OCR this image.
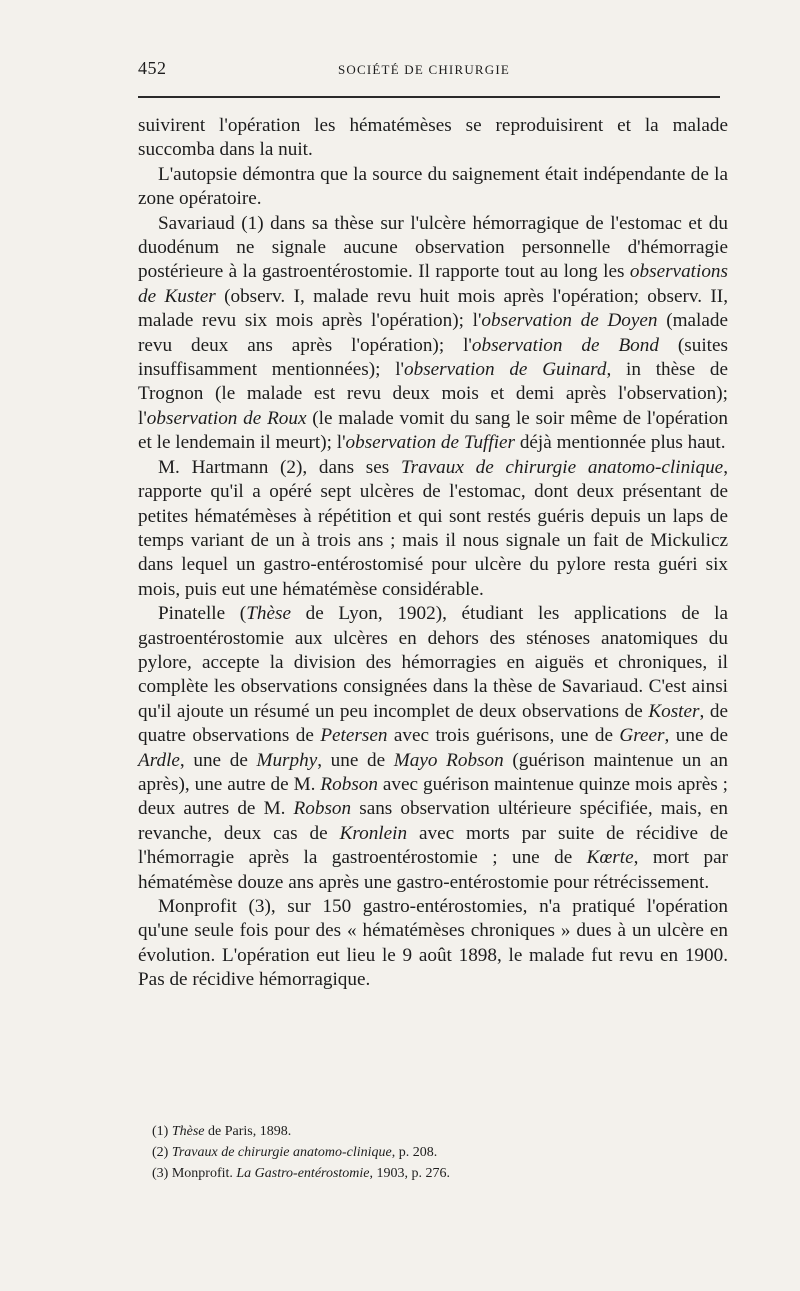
452	SOCIÉTÉ DE CHIRURGIE

suivirent l'opération les hématémèses se reproduisirent et la malade succomba dans la nuit.

L'autopsie démontra que la source du saignement était indépendante de la zone opératoire.

Savariaud (1) dans sa thèse sur l'ulcère hémorragique de l'estomac et du duodénum ne signale aucune observation personnelle d'hémorragie postérieure à la gastroentérostomie. Il rapporte tout au long les observations de Kuster (observ. I, malade revu huit mois après l'opération; observ. II, malade revu six mois après l'opération); l'observation de Doyen (malade revu deux ans après l'opération); l'observation de Bond (suites insuffisamment mentionnées); l'observation de Guinard, in thèse de Trognon (le malade est revu deux mois et demi après l'observation); l'observation de Roux (le malade vomit du sang le soir même de l'opération et le lendemain il meurt); l'observation de Tuffier déjà mentionnée plus haut.

M. Hartmann (2), dans ses Travaux de chirurgie anatomo-clinique, rapporte qu'il a opéré sept ulcères de l'estomac, dont deux présentant de petites hématémèses à répétition et qui sont restés guéris depuis un laps de temps variant de un à trois ans ; mais il nous signale un fait de Mickulicz dans lequel un gastro-entérostomisé pour ulcère du pylore resta guéri six mois, puis eut une hématémèse considérable.

Pinatelle (Thèse de Lyon, 1902), étudiant les applications de la gastroentérostomie aux ulcères en dehors des sténoses anatomiques du pylore, accepte la division des hémorragies en aiguës et chroniques, il complète les observations consignées dans la thèse de Savariaud. C'est ainsi qu'il ajoute un résumé un peu incomplet de deux observations de Koster, de quatre observations de Petersen avec trois guérisons, une de Greer, une de Ardle, une de Murphy, une de Mayo Robson (guérison maintenue un an après), une autre de M. Robson avec guérison maintenue quinze mois après ; deux autres de M. Robson sans observation ultérieure spécifiée, mais, en revanche, deux cas de Kronlein avec morts par suite de récidive de l'hémorragie après la gastroentérostomie ; une de Kœrte, mort par hématémèse douze ans après une gastro-entérostomie pour rétrécissement.

Monprofit (3), sur 150 gastro-entérostomies, n'a pratiqué l'opération qu'une seule fois pour des « hématémèses chroniques » dues à un ulcère en évolution. L'opération eut lieu le 9 août 1898, le malade fut revu en 1900. Pas de récidive hémorragique.

(1) Thèse de Paris, 1898.
(2) Travaux de chirurgie anatomo-clinique, p. 208.
(3) Monprofit. La Gastro-entérostomie, 1903, p. 276.
